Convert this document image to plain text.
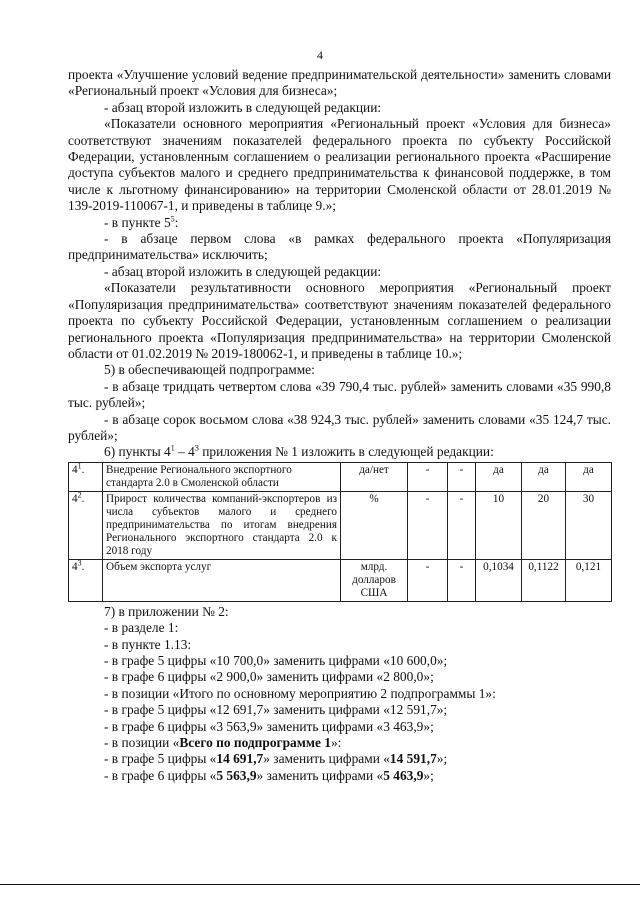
4

проекта «Улучшение условий ведение предпринимательской деятельности» заменить словами «Региональный проект «Условия для бизнеса»;

- абзац второй изложить в следующей редакции:

«Показатели основного мероприятия «Региональный проект «Условия для бизнеса» соответствуют значениям показателей федерального проекта по субъекту Российской Федерации, установленным соглашением о реализации регионального проекта «Расширение доступа субъектов малого и среднего предпринимательства к финансовой поддержке, в том числе к льготному финансированию» на территории Смоленской области от 28.01.2019 № 139-2019-110067-1, и приведены в таблице 9.»;

- в пункте $5^5$:

- в абзаце первом слова «в рамках федерального проекта «Популяризация предпринимательства» исключить;

- абзац второй изложить в следующей редакции:

«Показатели результативности основного мероприятия «Региональный проект «Популяризация предпринимательства» соответствуют значениям показателей федерального проекта по субъекту Российской Федерации, установленным соглашением о реализации регионального проекта «Популяризация предпринимательства» на территории Смоленской области от 01.02.2019 № 2019-180062-1, и приведены в таблице 10.»;

5) в обеспечивающей подпрограмме:

- в абзаце тридцать четвертом слова «39 790,4 тыс. рублей» заменить словами «35 990,8 тыс. рублей»;

- в абзаце сорок восьмом слова «38 924,3 тыс. рублей» заменить словами «35 124,7 тыс. рублей»;

6) пункты $4^1 - 4^3$ приложения № 1 изложить в следующей редакции:

$4^1$.	Внедрение Регионального экспортного стандарта 2.0 в Смоленской области	да/нет	-	-	да	да	да
$4^2$.	Прирост количества компаний-экспортеров из числа субъектов малого и среднего предпринимательства по итогам внедрения Регионального экспортного стандарта 2.0 к 2018 году	%	-	-	10	20	30
$4^3$.	Объем экспорта услуг	млрд. долларов США	-	-	0,1034	0,1122	0,121

7) в приложении № 2:

- в разделе 1:

- в пункте 1.13:

- в графе 5 цифры «10 700,0» заменить цифрами «10 600,0»;

- в графе 6 цифры «2 900,0» заменить цифрами «2 800,0»;

- в позиции «Итого по основному мероприятию 2 подпрограммы 1»:

- в графе 5 цифры «12 691,7» заменить цифрами «12 591,7»;

- в графе 6 цифры «3 563,9» заменить цифрами «3 463,9»;

- в позиции «Всего по подпрограмме 1»:

- в графе 5 цифры «14 691,7» заменить цифрами «14 591,7»;

- в графе 6 цифры «5 563,9» заменить цифрами «5 463,9»;
